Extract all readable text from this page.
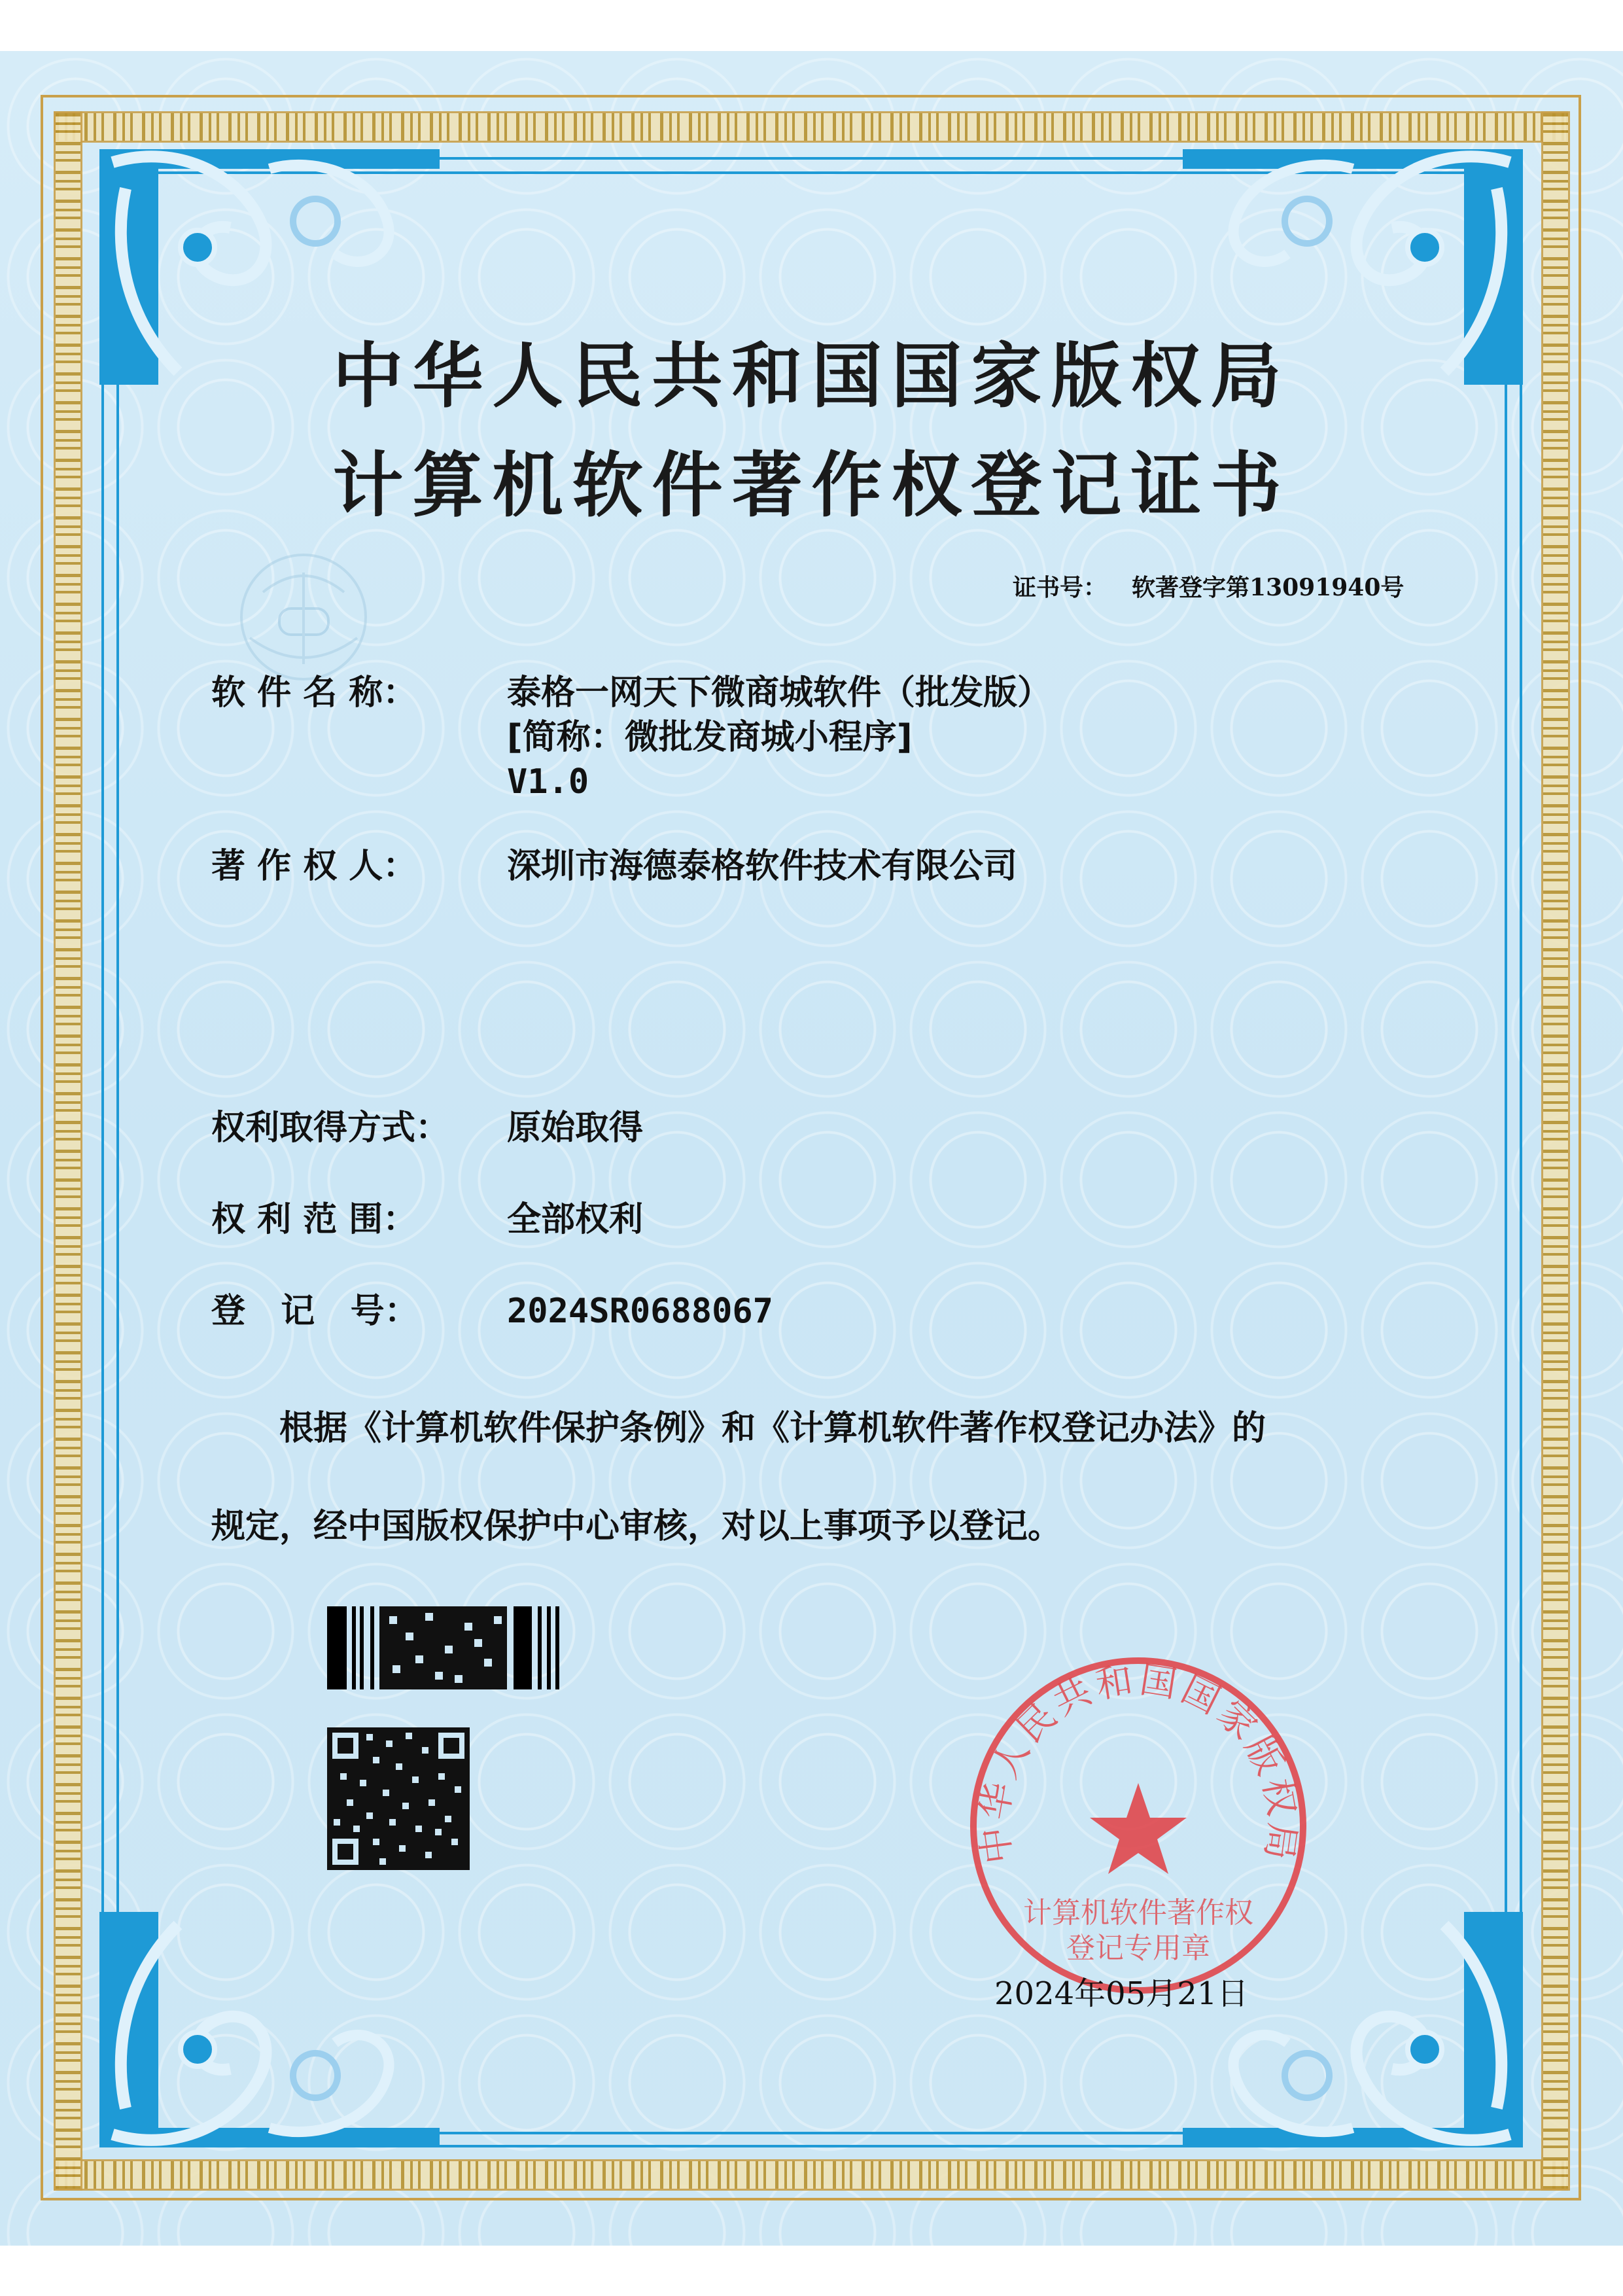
中华人民共和国国家版权局
计算机软件著作权登记证书
证书号： 软著登字第13091940号
软 件 名 称：	泰格一网天下微商城软件（批发版）
[简称：微批发商城小程序]
V1.0
著 作 权 人：	深圳市海德泰格软件技术有限公司
权利取得方式： 原始取得
权 利 范 围：	全部权利
登   记   号：	2024SR0688067
根据《计算机软件保护条例》和《计算机软件著作权登记办法》的
规定，经中国版权保护中心审核，对以上事项予以登记。
中华人民共和国国家版权局
计算机软件著作权
登记专用章
2024年05月21日
